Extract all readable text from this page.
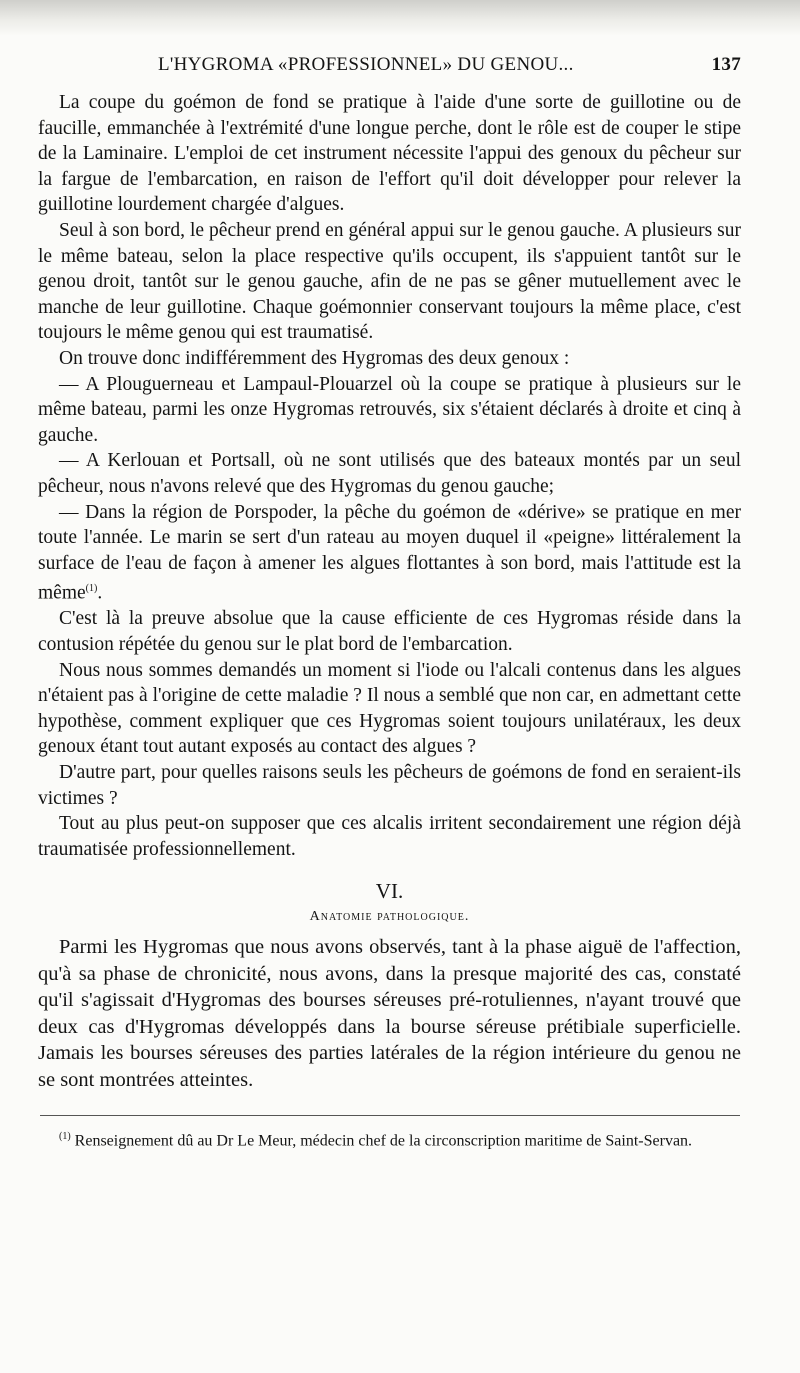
L'HYGROMA «PROFESSIONNEL» DU GENOU...	137

La coupe du goémon de fond se pratique à l'aide d'une sorte de guillotine ou de faucille, emmanchée à l'extrémité d'une longue perche, dont le rôle est de couper le stipe de la Laminaire. L'emploi de cet instrument nécessite l'appui des genoux du pêcheur sur la fargue de l'embarcation, en raison de l'effort qu'il doit développer pour relever la guillotine lourdement chargée d'algues.

Seul à son bord, le pêcheur prend en général appui sur le genou gauche. A plusieurs sur le même bateau, selon la place respective qu'ils occupent, ils s'appuient tantôt sur le genou droit, tantôt sur le genou gauche, afin de ne pas se gêner mutuellement avec le manche de leur guillotine. Chaque goémonnier conservant toujours la même place, c'est toujours le même genou qui est traumatisé.

On trouve donc indifféremment des Hygromas des deux genoux :

— A Plouguerneau et Lampaul-Plouarzel où la coupe se pratique à plusieurs sur le même bateau, parmi les onze Hygromas retrouvés, six s'étaient déclarés à droite et cinq à gauche.

— A Kerlouan et Portsall, où ne sont utilisés que des bateaux montés par un seul pêcheur, nous n'avons relevé que des Hygromas du genou gauche;

— Dans la région de Porspoder, la pêche du goémon de «dérive» se pratique en mer toute l'année. Le marin se sert d'un rateau au moyen duquel il «peigne» littéralement la surface de l'eau de façon à amener les algues flottantes à son bord, mais l'attitude est la même$^{(1)}$.

C'est là la preuve absolue que la cause efficiente de ces Hygromas réside dans la contusion répétée du genou sur le plat bord de l'embarcation.

Nous nous sommes demandés un moment si l'iode ou l'alcali contenus dans les algues n'étaient pas à l'origine de cette maladie ? Il nous a semblé que non car, en admettant cette hypothèse, comment expliquer que ces Hygromas soient toujours unilatéraux, les deux genoux étant tout autant exposés au contact des algues ?

D'autre part, pour quelles raisons seuls les pêcheurs de goémons de fond en seraient-ils victimes ?

Tout au plus peut-on supposer que ces alcalis irritent secondairement une région déjà traumatisée professionnellement.

VI.
Anatomie pathologique.

Parmi les Hygromas que nous avons observés, tant à la phase aiguë de l'affection, qu'à sa phase de chronicité, nous avons, dans la presque majorité des cas, constaté qu'il s'agissait d'Hygromas des bourses séreuses pré-rotuliennes, n'ayant trouvé que deux cas d'Hygromas développés dans la bourse séreuse prétibiale superficielle. Jamais les bourses séreuses des parties latérales de la région intérieure du genou ne se sont montrées atteintes.

$^{(1)}$ Renseignement dû au Dr Le Meur, médecin chef de la circonscription maritime de Saint-Servan.
